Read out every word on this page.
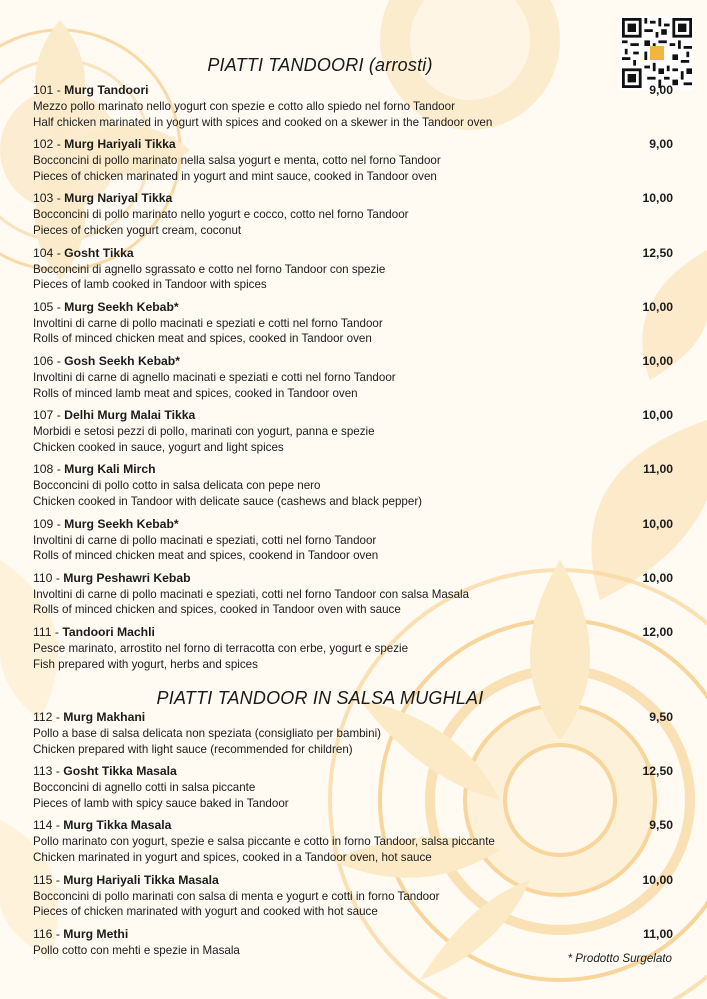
PIATTI TANDOORI (arrosti)
101 - Murg Tandoori	9,00
Mezzo pollo marinato nello yogurt con spezie e cotto allo spiedo nel forno Tandoor
Half chicken marinated in yogurt with spices and cooked on a skewer in the Tandoor oven
102 - Murg Hariyali Tikka	9,00
Bocconcini di pollo marinato nella salsa yogurt e menta, cotto nel forno Tandoor
Pieces of chicken marinated in yogurt and mint sauce, cooked in Tandoor oven
103 - Murg Nariyal Tikka	10,00
Bocconcini di pollo marinato nello yogurt e cocco, cotto nel forno Tandoor
Pieces of chicken yogurt cream, coconut
104 - Gosht Tikka	12,50
Bocconcini di agnello sgrassato e cotto nel forno Tandoor con spezie
Pieces of lamb cooked in Tandoor with spices
105 - Murg Seekh Kebab*	10,00
Involtini di carne di pollo macinati e speziati e cotti nel forno Tandoor
Rolls of minced chicken meat and spices, cooked in Tandoor oven
106 - Gosh Seekh Kebab*	10,00
Involtini di carne di agnello macinati e speziati e cotti nel forno Tandoor
Rolls of minced lamb meat and spices, cooked in Tandoor oven
107 - Delhi Murg Malai Tikka	10,00
Morbidi e setosi pezzi di pollo, marinati con yogurt, panna e spezie
Chicken cooked in sauce, yogurt and light spices
108 - Murg Kali Mirch	11,00
Bocconcini di pollo cotto in salsa delicata con pepe nero
Chicken cooked in Tandoor with delicate sauce (cashews and black pepper)
109 - Murg Seekh Kebab*	10,00
Involtini di carne di pollo macinati e speziati, cotti nel forno Tandoor
Rolls of minced chicken meat and spices, cookend in Tandoor oven
110 - Murg Peshawri Kebab	10,00
Involtini di carne di pollo macinati e speziati, cotti nel forno Tandoor con salsa Masala
Rolls of minced chicken and spices, cooked in Tandoor oven with sauce
111 - Tandoori Machli	12,00
Pesce marinato, arrostito nel forno di terracotta con erbe, yogurt e spezie
Fish prepared with yogurt, herbs and spices
PIATTI TANDOOR IN SALSA MUGHLAI
112 - Murg Makhani	9,50
Pollo a base di salsa delicata non speziata (consigliato per bambini)
Chicken prepared with light sauce (recommended for children)
113 - Gosht Tikka Masala	12,50
Bocconcini di agnello cotti in salsa piccante
Pieces of lamb with spicy sauce baked in Tandoor
114 - Murg Tikka Masala	9,50
Pollo marinato con yogurt, spezie e salsa piccante e cotto in forno Tandoor, salsa piccante
Chicken marinated in yogurt and spices, cooked in a Tandoor oven, hot sauce
115 - Murg Hariyali Tikka Masala	10,00
Bocconcini di pollo marinati con salsa di menta e yogurt e cotti in forno Tandoor
Pieces of chicken marinated with yogurt and cooked with hot sauce
116 - Murg Methi	11,00
Pollo cotto con mehti e spezie in Masala
* Prodotto Surgelato
